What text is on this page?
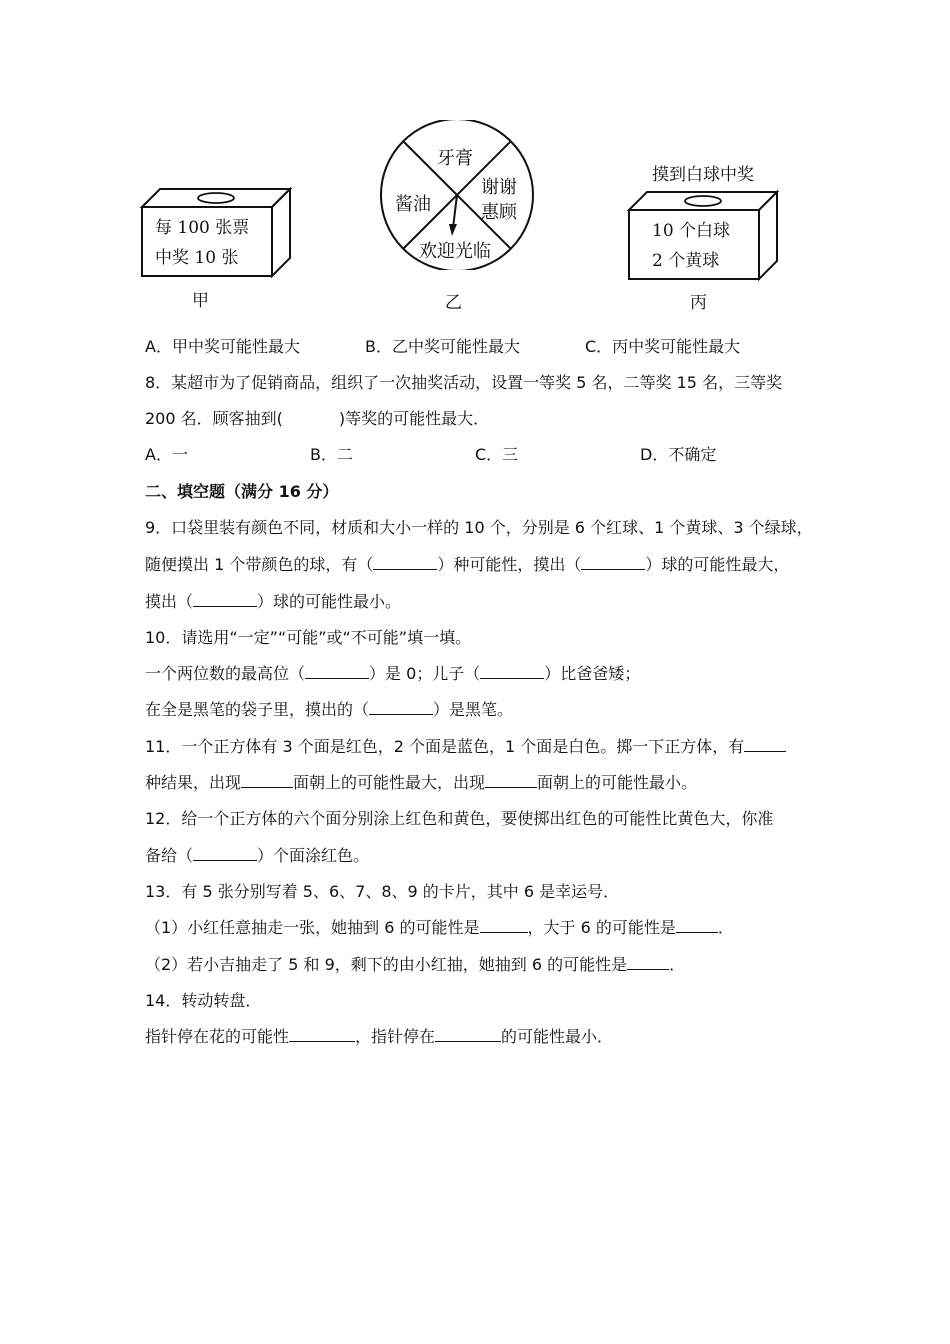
每 100 张票
中奖 10 张
甲
牙膏
谢谢
惠顾
欢迎光临
酱油
乙
摸到白球中奖
10 个白球
2 个黄球
丙
A．甲中奖可能性最大	B．乙中奖可能性最大	C．丙中奖可能性最大
8．某超市为了促销商品，组织了一次抽奖活动，设置一等奖 5 名，二等奖 15 名，三等奖
200 名．顾客抽到(	)等奖的可能性最大．
A．一	B．二	C．三	D．不确定
二、填空题（满分 16 分）
9．口袋里装有颜色不同，材质和大小一样的 10 个，分别是 6 个红球、1 个黄球、3 个绿球，
随便摸出 1 个带颜色的球，有（	）种可能性，摸出（	）球的可能性最大，
摸出（	）球的可能性最小。
10．请选用“一定”“可能”或“不可能”填一填。
一个两位数的最高位（	）是 0；儿子（	）比爸爸矮；
在全是黑笔的袋子里，摸出的（	）是黑笔。
11．一个正方体有 3 个面是红色，2 个面是蓝色，1 个面是白色。掷一下正方体，有
种结果，出现	面朝上的可能性最大，出现	面朝上的可能性最小。
12．给一个正方体的六个面分别涂上红色和黄色，要使掷出红色的可能性比黄色大，你准
备给（	）个面涂红色。
13．有 5 张分别写着 5、6、7、8、9 的卡片，其中 6 是幸运号．
（1）小红任意抽走一张，她抽到 6 的可能性是	，大于 6 的可能性是	．
（2）若小吉抽走了 5 和 9，剩下的由小红抽，她抽到 6 的可能性是	．
14．转动转盘．
指针停在花的可能性	，指针停在	的可能性最小．
